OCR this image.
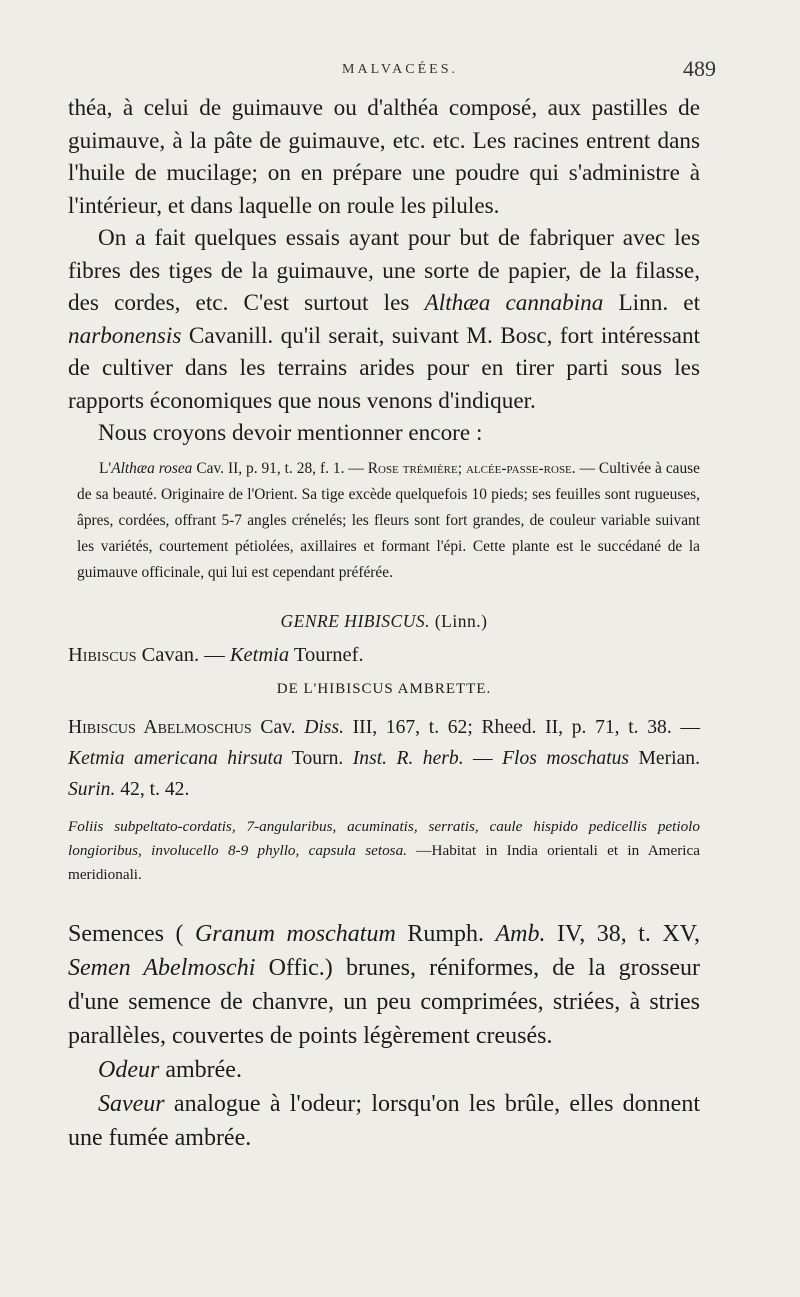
MALVACÉES.	489

théa, à celui de guimauve ou d'althéa composé, aux pastilles de guimauve, à la pâte de guimauve, etc. etc. Les racines entrent dans l'huile de mucilage; on en prépare une poudre qui s'administre à l'intérieur, et dans laquelle on roule les pilules.

On a fait quelques essais ayant pour but de fabriquer avec les fibres des tiges de la guimauve, une sorte de papier, de la filasse, des cordes, etc. C'est surtout les Althæa cannabina Linn. et narbonensis Cavanill. qu'il serait, suivant M. Bosc, fort intéressant de cultiver dans les terrains arides pour en tirer parti sous les rapports économiques que nous venons d'indiquer.

Nous croyons devoir mentionner encore :

L'Althæa rosea Cav. II, p. 91, t. 28, f. 1. — Rose trémière; alcée-passe-rose. — Cultivée à cause de sa beauté. Originaire de l'Orient. Sa tige excède quelquefois 10 pieds; ses feuilles sont rugueuses, âpres, cordées, offrant 5-7 angles crénelés; les fleurs sont fort grandes, de couleur variable suivant les variétés, courtement pétiolées, axillaires et formant l'épi. Cette plante est le succédané de la guimauve officinale, qui lui est cependant préférée.

GENRE HIBISCUS. (Linn.)
Hibiscus Cavan. — Ketmia Tournef.
DE L'HIBISCUS AMBRETTE.

Hibiscus Abelmoschus Cav. Diss. III, 167, t. 62; Rheed. II, p. 71, t. 38. — Ketmia americana hirsuta Tourn. Inst. R. herb. — Flos moschatus Merian. Surin. 42, t. 42.

Foliis subpeltato-cordatis, 7-angularibus, acuminatis, serratis, caule hispido pedicellis petiolo longioribus, involucello 8-9 phyllo, capsula setosa. —Habitat in India orientali et in America meridionali.

Semences ( Granum moschatum Rumph. Amb. IV, 38, t. XV, Semen Abelmoschi Offic.) brunes, réniformes, de la grosseur d'une semence de chanvre, un peu comprimées, striées, à stries parallèles, couvertes de points légèrement creusés.

Odeur ambrée.

Saveur analogue à l'odeur; lorsqu'on les brûle, elles donnent une fumée ambrée.
